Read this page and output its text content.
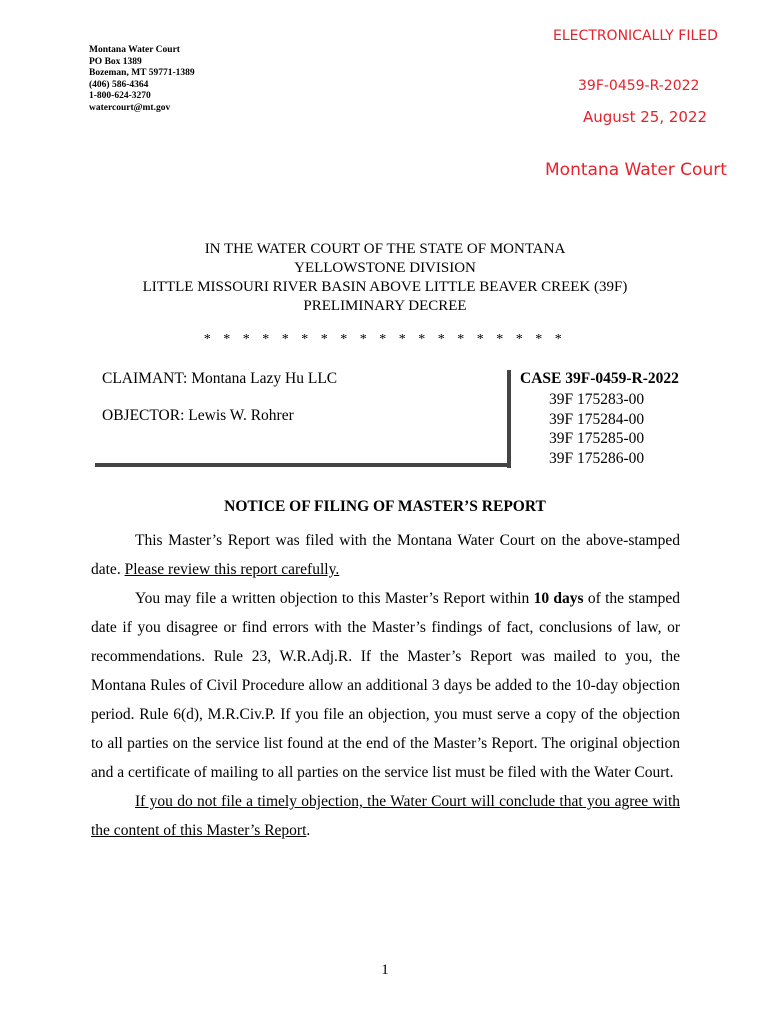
Montana Water Court
PO Box 1389
Bozeman, MT 59771-1389
(406) 586-4364
1-800-624-3270
watercourt@mt.gov
ELECTRONICALLY FILED
39F-0459-R-2022
August 25, 2022
Montana Water Court
IN THE WATER COURT OF THE STATE OF MONTANA
YELLOWSTONE DIVISION
LITTLE MISSOURI RIVER BASIN ABOVE LITTLE BEAVER CREEK (39F)
PRELIMINARY DECREE
* * * * * * * * * * * * * * * * * * *
CLAIMANT: Montana Lazy Hu LLC
OBJECTOR: Lewis W. Rohrer
CASE 39F-0459-R-2022
39F 175283-00
39F 175284-00
39F 175285-00
39F 175286-00
NOTICE OF FILING OF MASTER’S REPORT

This Master’s Report was filed with the Montana Water Court on the above-stamped date. Please review this report carefully.

You may file a written objection to this Master’s Report within 10 days of the stamped date if you disagree or find errors with the Master’s findings of fact, conclusions of law, or recommendations. Rule 23, W.R.Adj.R. If the Master’s Report was mailed to you, the Montana Rules of Civil Procedure allow an additional 3 days be added to the 10-day objection period. Rule 6(d), M.R.Civ.P. If you file an objection, you must serve a copy of the objection to all parties on the service list found at the end of the Master’s Report. The original objection and a certificate of mailing to all parties on the service list must be filed with the Water Court.

If you do not file a timely objection, the Water Court will conclude that you agree with the content of this Master’s Report.

1
